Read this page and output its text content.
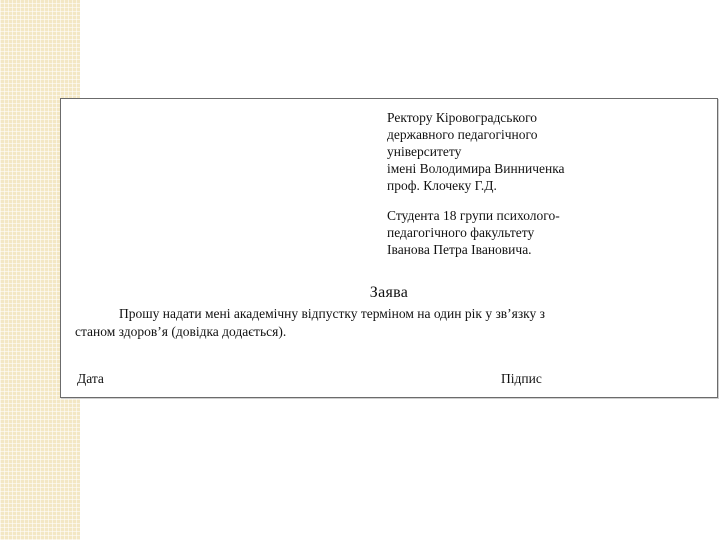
Ректору Кіровоградського
державного педагогічного
університету
імені Володимира Винниченка
проф. Клочеку Г.Д.
Студента 18 групи психолого-
педагогічного факультету
Іванова Петра Івановича.
Заява
Прошу надати мені академічну відпустку терміном на один рік у зв’язку з
станом здоров’я (довідка додається).
Дата	Підпис
